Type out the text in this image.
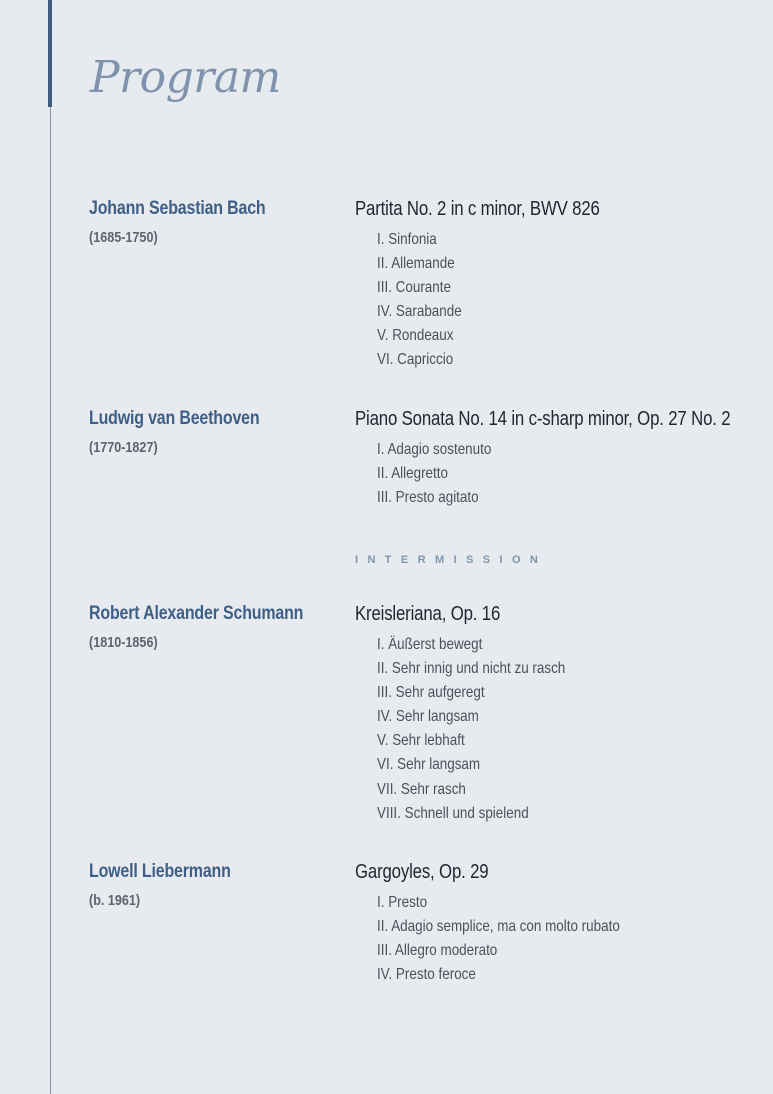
Program
Johann Sebastian Bach
(1685-1750)
Partita No. 2 in c minor, BWV 826
I. Sinfonia
II. Allemande
III. Courante
IV. Sarabande
V. Rondeaux
VI. Capriccio
Ludwig van Beethoven
(1770-1827)
Piano Sonata No. 14 in c-sharp minor, Op. 27 No. 2
I. Adagio sostenuto
II. Allegretto
III. Presto agitato
INTERMISSION
Robert Alexander Schumann
(1810-1856)
Kreisleriana, Op. 16
I. Äußerst bewegt
II. Sehr innig und nicht zu rasch
III. Sehr aufgeregt
IV. Sehr langsam
V. Sehr lebhaft
VI. Sehr langsam
VII. Sehr rasch
VIII. Schnell und spielend
Lowell Liebermann
(b. 1961)
Gargoyles, Op. 29
I. Presto
II. Adagio semplice, ma con molto rubato
III. Allegro moderato
IV. Presto feroce
